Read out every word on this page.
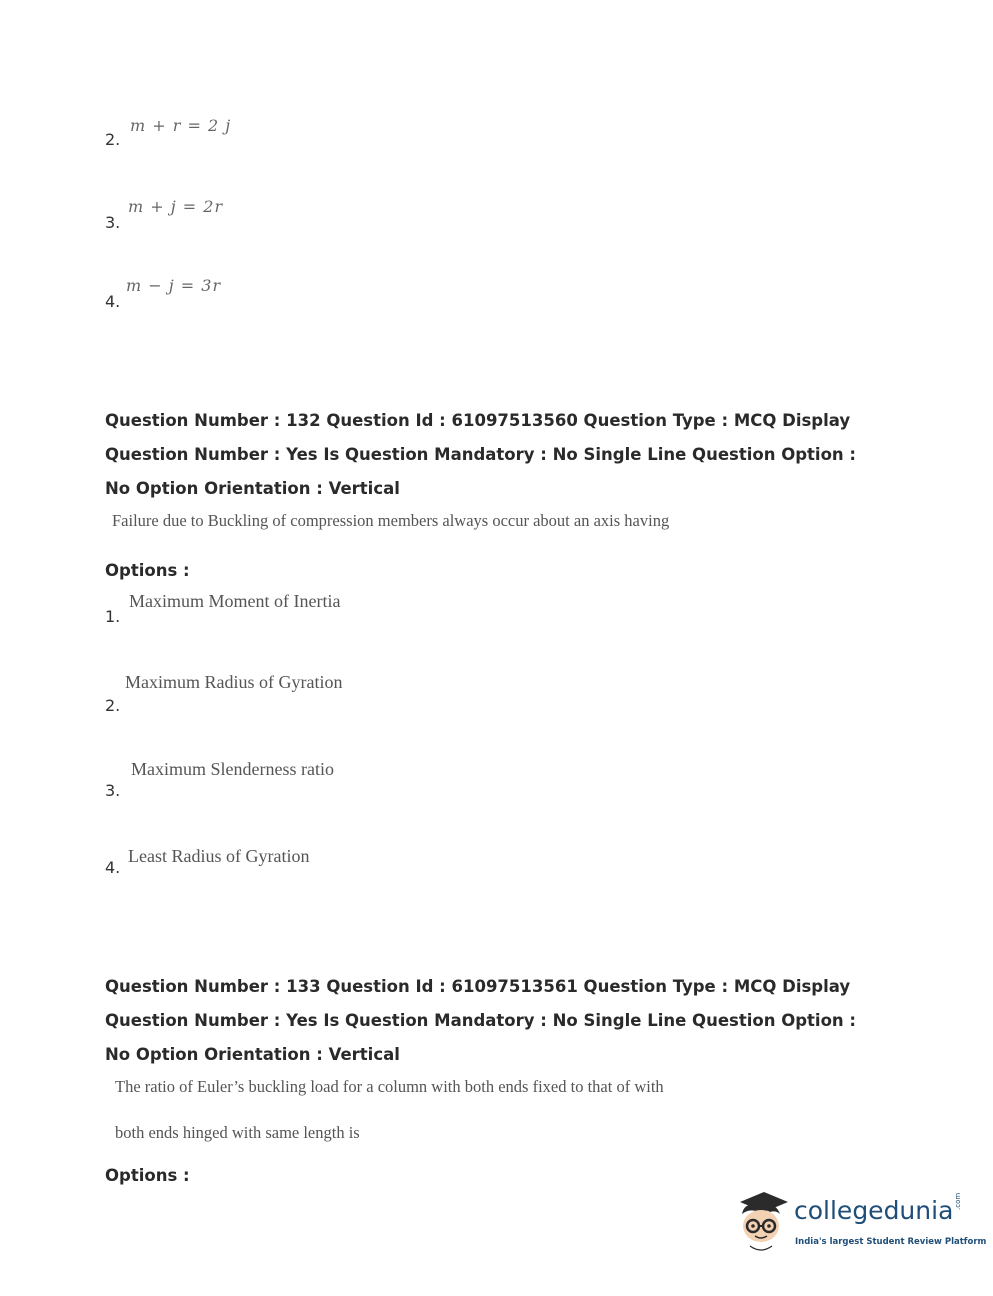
2.
m + r = 2 j
3.
m + j = 2r
4.
m − j = 3r
Question Number : 132 Question Id : 61097513560 Question Type : MCQ Display Question Number : Yes Is Question Mandatory : No Single Line Question Option : No Option Orientation : Vertical
Failure due to Buckling of compression members always occur about an axis having
Options :
1.
Maximum Moment of Inertia
2.
Maximum Radius of Gyration
3.
Maximum Slenderness ratio
4.
Least Radius of Gyration
Question Number : 133 Question Id : 61097513561 Question Type : MCQ Display Question Number : Yes Is Question Mandatory : No Single Line Question Option : No Option Orientation : Vertical
The ratio of Euler’s buckling load for a column with both ends fixed to that of with
both ends hinged with same length is
Options :
collegedunia .com
India's largest Student Review Platform
